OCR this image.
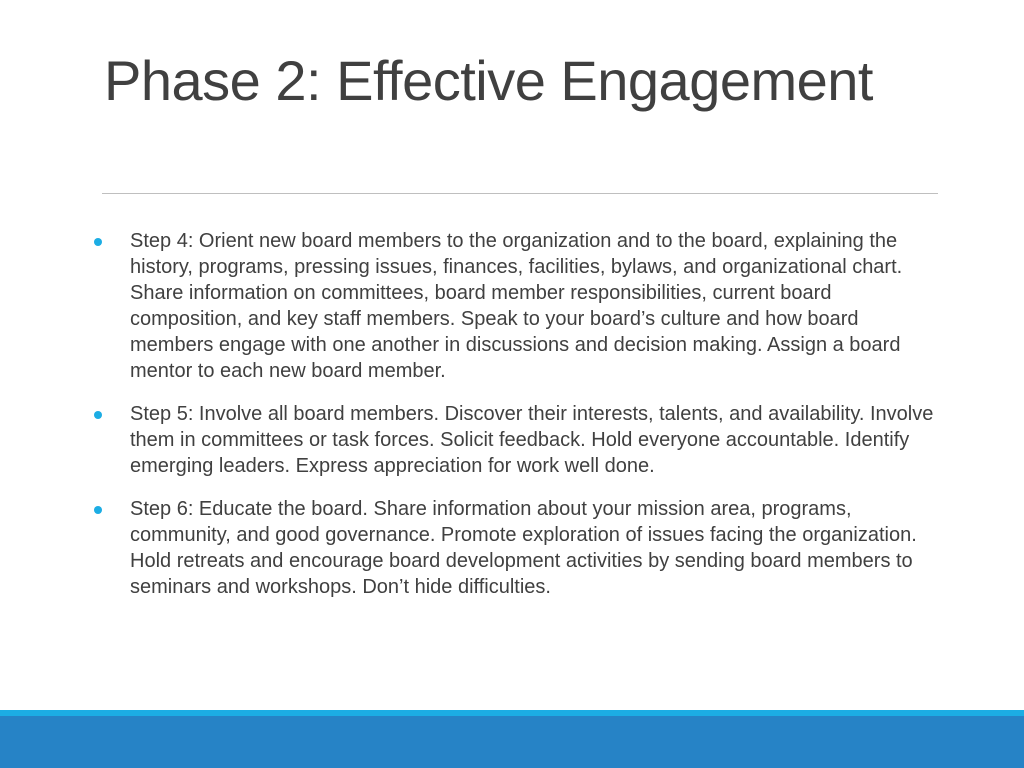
Phase 2: Effective Engagement
Step 4: Orient new board members to the organization and to the board, explaining the history, programs, pressing issues, finances, facilities, bylaws, and organizational chart. Share information on committees, board member responsibilities, current board composition, and key staff members. Speak to your board’s culture and how board members engage with one another in discussions and decision making. Assign a board mentor to each new board member.
Step 5: Involve all board members. Discover their interests, talents, and availability. Involve them in committees or task forces. Solicit feedback. Hold everyone accountable. Identify emerging leaders. Express appreciation for work well done.
Step 6: Educate the board. Share information about your mission area, programs, community, and good governance. Promote exploration of issues facing the organization. Hold retreats and encourage board development activities by sending board members to seminars and workshops. Don’t hide difficulties.
